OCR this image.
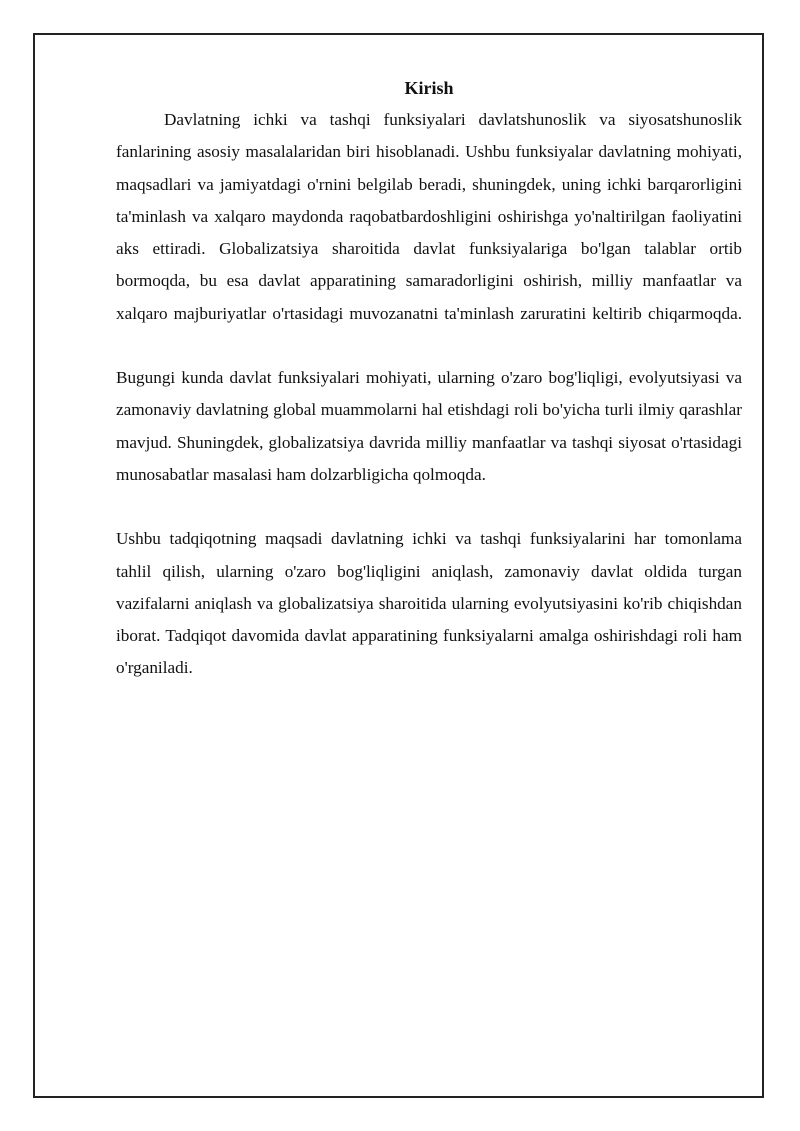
Kirish

Davlatning ichki va tashqi funksiyalari davlatshunoslik va siyosatshunoslik fanlarining asosiy masalalaridan biri hisoblanadi. Ushbu funksiyalar davlatning mohiyati, maqsadlari va jamiyatdagi o'rnini belgilab beradi, shuningdek, uning ichki barqarorligini ta'minlash va xalqaro maydonda raqobatbardoshligini oshirishga yo'naltirilgan faoliyatini aks ettiradi. Globalizatsiya sharoitida davlat funksiyalariga bo'lgan talablar ortib bormoqda, bu esa davlat apparatining samaradorligini oshirish, milliy manfaatlar va xalqaro majburiyatlar o'rtasidagi muvozanatni ta'minlash zaruratini keltirib chiqarmoqda.

Bugungi kunda davlat funksiyalari mohiyati, ularning o'zaro bog'liqligi, evolyutsiyasi va zamonaviy davlatning global muammolarni hal etishdagi roli bo'yicha turli ilmiy qarashlar mavjud. Shuningdek, globalizatsiya davrida milliy manfaatlar va tashqi siyosat o'rtasidagi munosabatlar masalasi ham dolzarbligicha qolmoqda.

Ushbu tadqiqotning maqsadi davlatning ichki va tashqi funksiyalarini har tomonlama tahlil qilish, ularning o'zaro bog'liqligini aniqlash, zamonaviy davlat oldida turgan vazifalarni aniqlash va globalizatsiya sharoitida ularning evolyutsiyasini ko'rib chiqishdan iborat. Tadqiqot davomida davlat apparatining funksiyalarni amalga oshirishdagi roli ham o'rganiladi.
